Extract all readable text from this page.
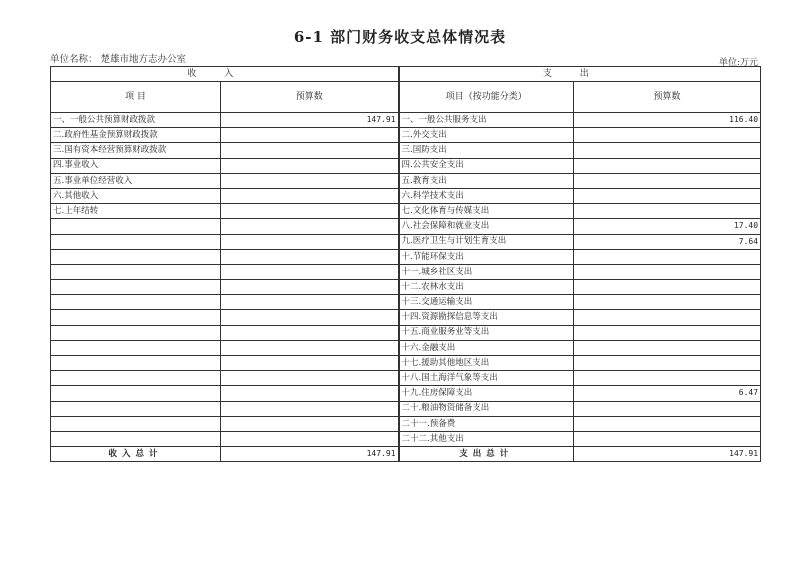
6-1 部门财务收支总体情况表
单位名称： 楚雄市地方志办公室	单位:万元
收入		支出	
项 目	预算数	项目（按功能分类）	预算数
一、一般公共预算财政拨款	147.91	一、一般公共服务支出	116.40
二.政府性基金预算财政拨款		二.外交支出	
三.国有资本经营预算财政拨款		三.国防支出	
四.事业收入		四.公共安全支出	
五.事业单位经营收入		五.教育支出	
六.其他收入		六.科学技术支出	
七.上年结转		七.文化体育与传媒支出	
		八.社会保障和就业支出	17.40
		九.医疗卫生与计划生育支出	7.64
		十.节能环保支出	
		十一.城乡社区支出	
		十二.农林水支出	
		十三.交通运输支出	
		十四.资源勘探信息等支出	
		十五.商业服务业等支出	
		十六.金融支出	
		十七.援助其他地区支出	
		十八.国土海洋气象等支出	
		十九.住房保障支出	6.47
		二十.粮油物资储备支出	
		二十一.预备费	
		二十二.其他支出	
收入总计	147.91	支出总计	147.91
